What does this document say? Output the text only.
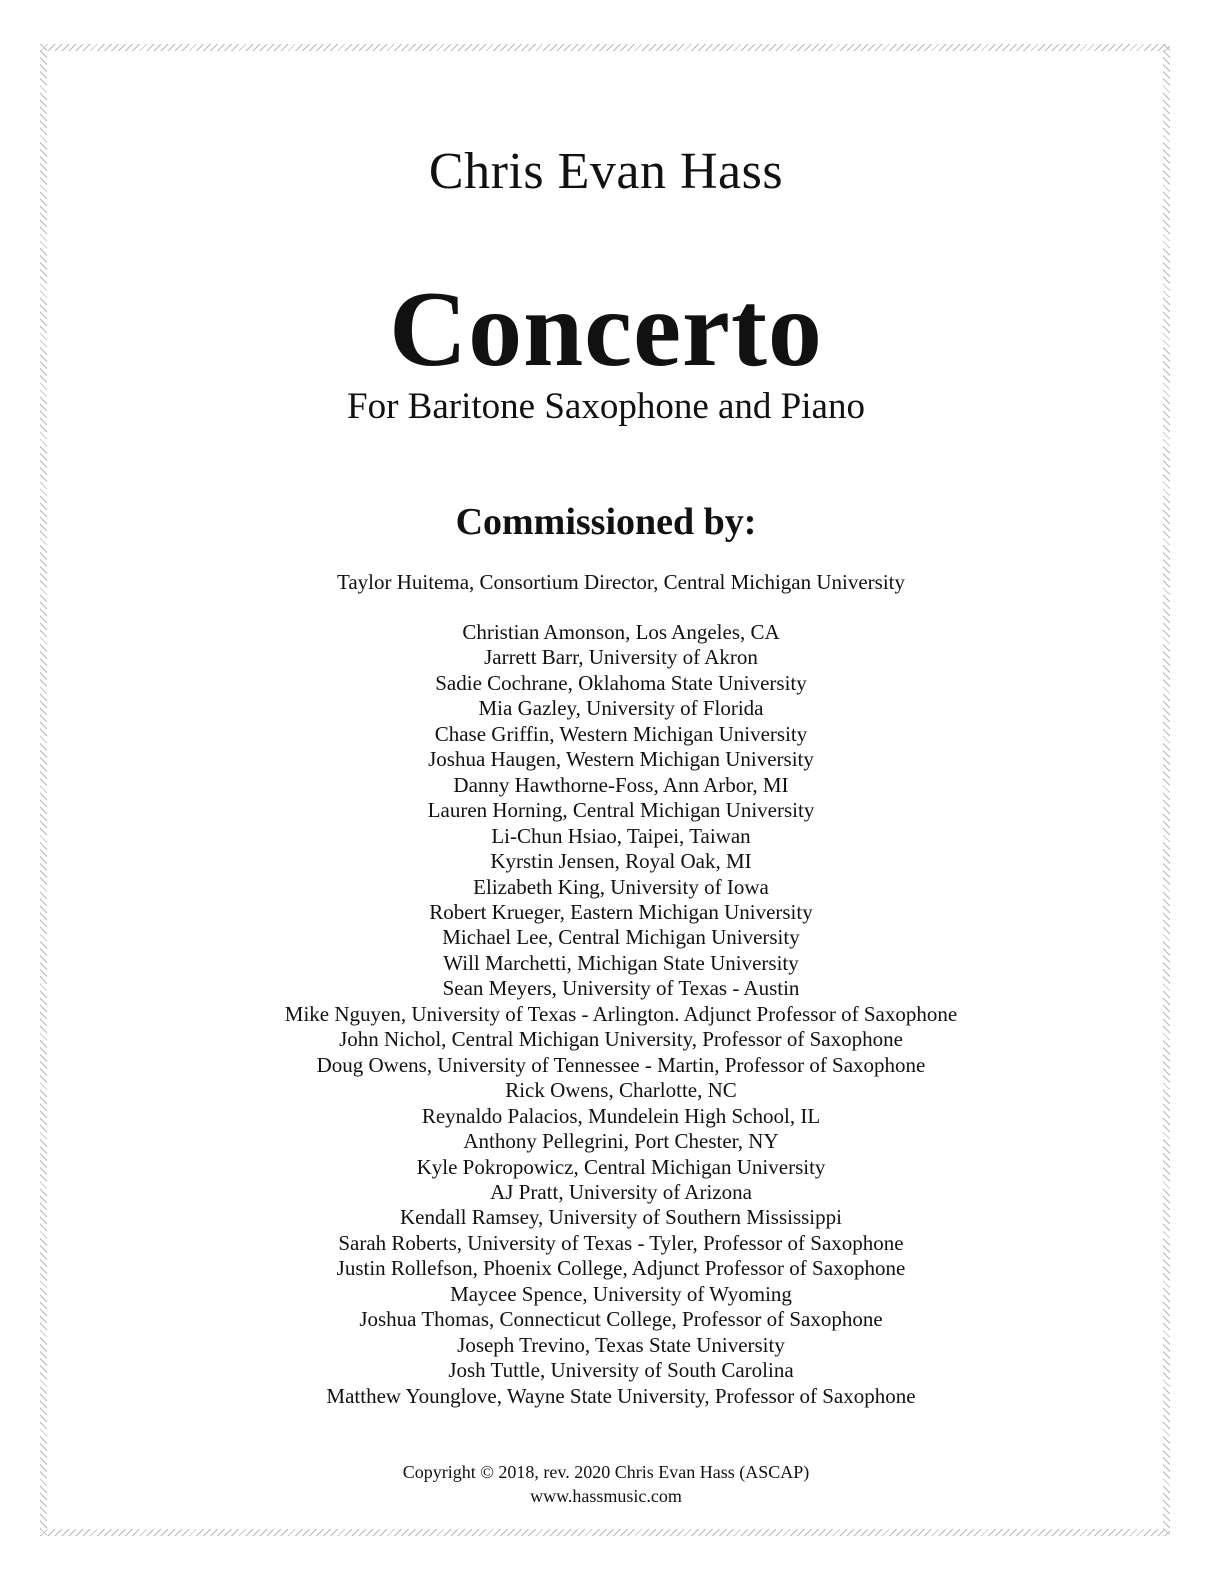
Chris Evan Hass
Concerto
For Baritone Saxophone and Piano
Commissioned by:
Taylor Huitema, Consortium Director, Central Michigan University
Christian Amonson, Los Angeles, CA
Jarrett Barr, University of Akron
Sadie Cochrane, Oklahoma State University
Mia Gazley, University of Florida
Chase Griffin, Western Michigan University
Joshua Haugen, Western Michigan University
Danny Hawthorne-Foss, Ann Arbor, MI
Lauren Horning, Central Michigan University
Li-Chun Hsiao, Taipei, Taiwan
Kyrstin Jensen, Royal Oak, MI
Elizabeth King, University of Iowa
Robert Krueger, Eastern Michigan University
Michael Lee, Central Michigan University
Will Marchetti, Michigan State University
Sean Meyers, University of Texas - Austin
Mike Nguyen, University of Texas - Arlington. Adjunct Professor of Saxophone
John Nichol, Central Michigan University, Professor of Saxophone
Doug Owens, University of Tennessee - Martin, Professor of Saxophone
Rick Owens, Charlotte, NC
Reynaldo Palacios, Mundelein High School, IL
Anthony Pellegrini, Port Chester, NY
Kyle Pokropowicz, Central Michigan University
AJ Pratt, University of Arizona
Kendall Ramsey, University of Southern Mississippi
Sarah Roberts, University of Texas - Tyler, Professor of Saxophone
Justin Rollefson, Phoenix College, Adjunct Professor of Saxophone
Maycee Spence, University of Wyoming
Joshua Thomas, Connecticut College, Professor of Saxophone
Joseph Trevino, Texas State University
Josh Tuttle, University of South Carolina
Matthew Younglove, Wayne State University, Professor of Saxophone
Copyright © 2018, rev. 2020 Chris Evan Hass (ASCAP)
www.hassmusic.com
